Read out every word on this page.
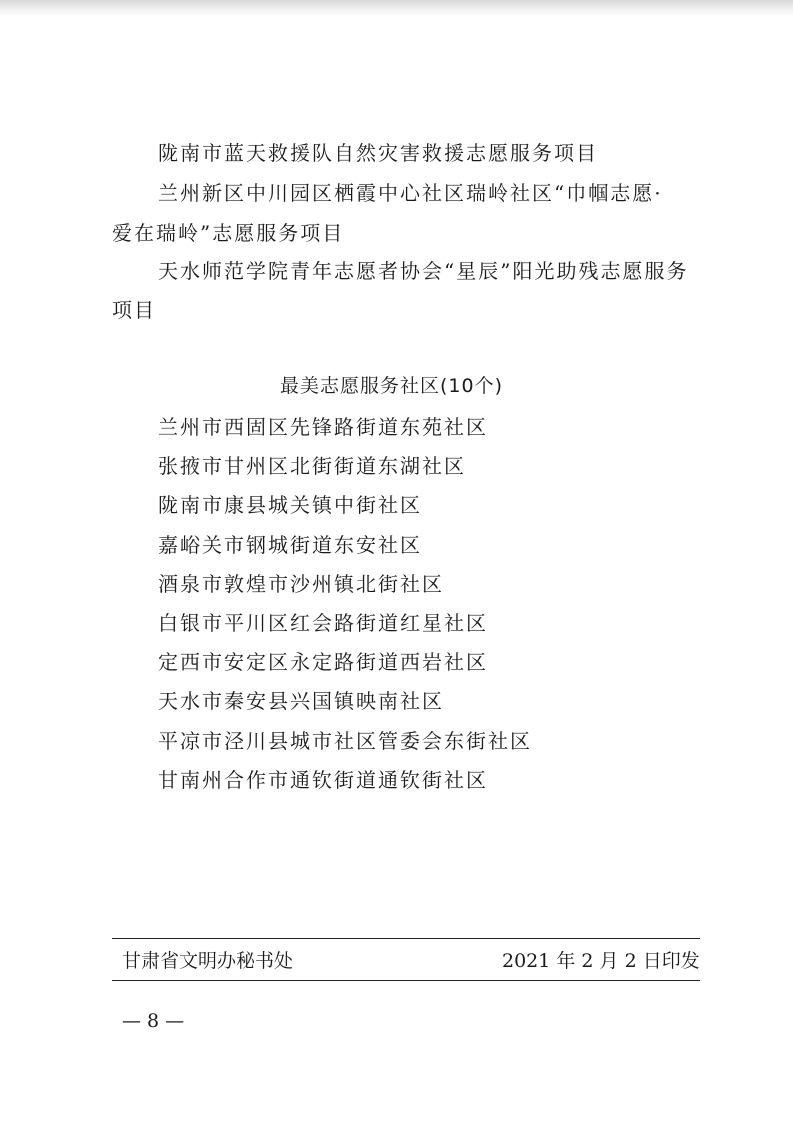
陇南市蓝天救援队自然灾害救援志愿服务项目
兰州新区中川园区栖霞中心社区瑞岭社区“巾帼志愿·
爱在瑞岭”志愿服务项目
天水师范学院青年志愿者协会“星辰”阳光助残志愿服务
项目
最美志愿服务社区(10个)
兰州市西固区先锋路街道东苑社区
张掖市甘州区北街街道东湖社区
陇南市康县城关镇中街社区
嘉峪关市钢城街道东安社区
酒泉市敦煌市沙州镇北街社区
白银市平川区红会路街道红星社区
定西市安定区永定路街道西岩社区
天水市秦安县兴国镇映南社区
平凉市泾川县城市社区管委会东街社区
甘南州合作市通钦街道通钦街社区
甘肃省文明办秘书处	2021 年 2 月 2 日印发
— 8 —
